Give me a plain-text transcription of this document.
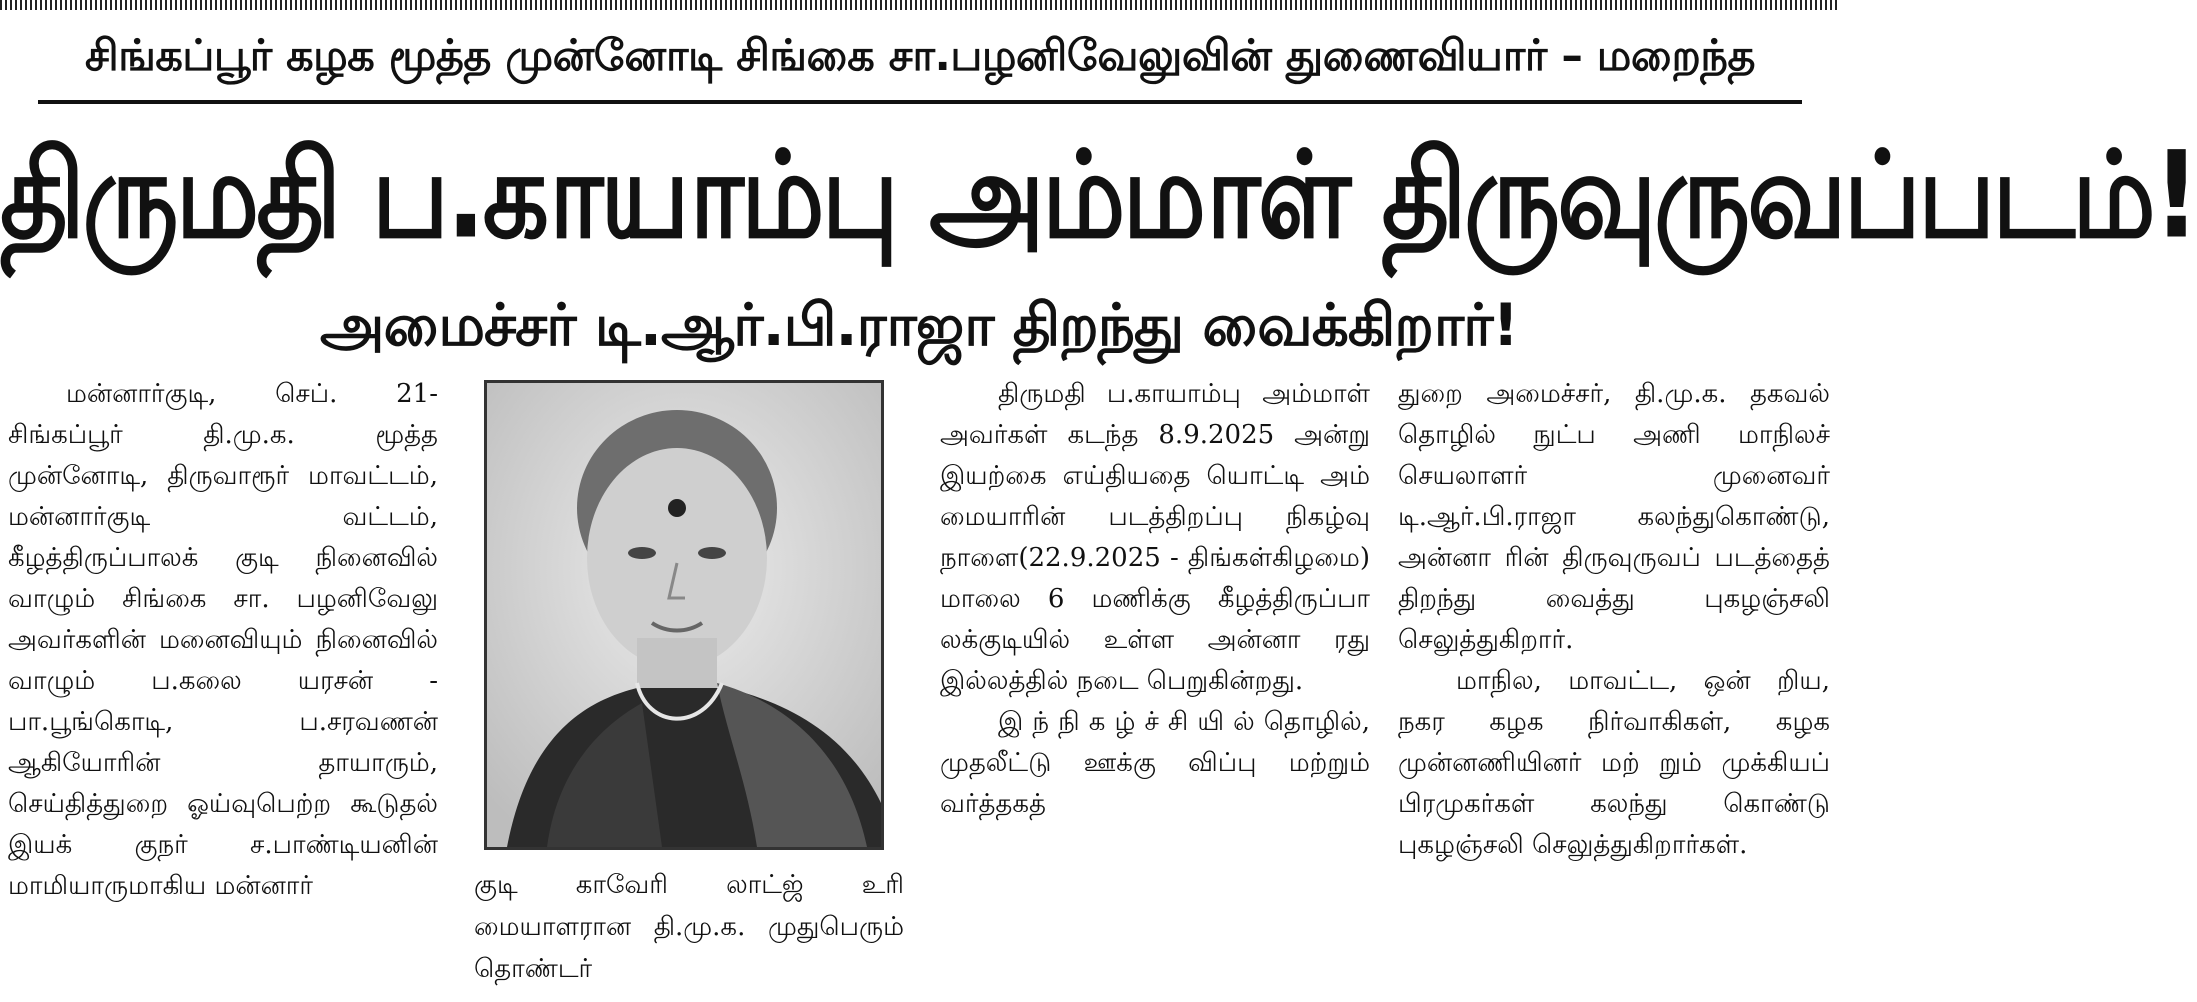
சிங்கப்பூர் கழக மூத்த முன்னோடி சிங்கை சா.பழனிவேலுவின் துணைவியார் – மறைந்த
திருமதி ப.காயாம்பு அம்மாள் திருவுருவப்படம்!
அமைச்சர் டி.ஆர்.பி.ராஜா திறந்து வைக்கிறார்!

மன்னார்குடி, செப். 21- சிங்கப்பூர் தி.மு.க. மூத்த முன்னோடி, திருவாரூர் மாவட்டம், மன்னார்குடி வட்டம், கீழத்திருப்பாலக் குடி நினைவில் வாழும் சிங்கை சா. பழனிவேலு அவர்களின் மனைவியும் நினைவில் வாழும் ப.கலை யரசன் - பா.பூங்கொடி, ப.சரவணன் ஆகியோரின் தாயாரும், செய்தித்துறை ஓய்வுபெற்ற கூடுதல் இயக் குநர் ச.பாண்டியனின் மாமியாருமாகிய மன்னார்	குடி காவேரி லாட்ஜ் உரி மையாளரான தி.மு.க. முதுபெரும் தொண்டர்

திருமதி ப.காயாம்பு அம்மாள் அவர்கள் கடந்த 8.9.2025 அன்று இயற்கை எய்தியதை யொட்டி அம் மையாரின் படத்திறப்பு நிகழ்வு நாளை(22.9.2025 - திங்கள்கிழமை) மாலை 6 மணிக்கு கீழத்திருப்பா லக்குடியில் உள்ள அன்னா ரது இல்லத்தில் நடை பெறுகின்றது.

இ ந் நி க ழ் ச் சி யி ல் தொழில், முதலீட்டு ஊக்கு விப்பு மற்றும் வர்த்தகத்

துறை அமைச்சர், தி.மு.க. தகவல் தொழில் நுட்ப அணி மாநிலச் செயலாளர் முனைவர் டி.ஆர்.பி.ராஜா கலந்துகொண்டு, அன்னா ரின் திருவுருவப் படத்தைத் திறந்து வைத்து புகழஞ்சலி செலுத்துகிறார்.

மாநில, மாவட்ட, ஒன் றிய, நகர கழக நிர்வாகிகள், கழக முன்னணியினர் மற் றும் முக்கியப் பிரமுகர்கள் கலந்து கொண்டு புகழஞ்சலி செலுத்துகிறார்கள்.
